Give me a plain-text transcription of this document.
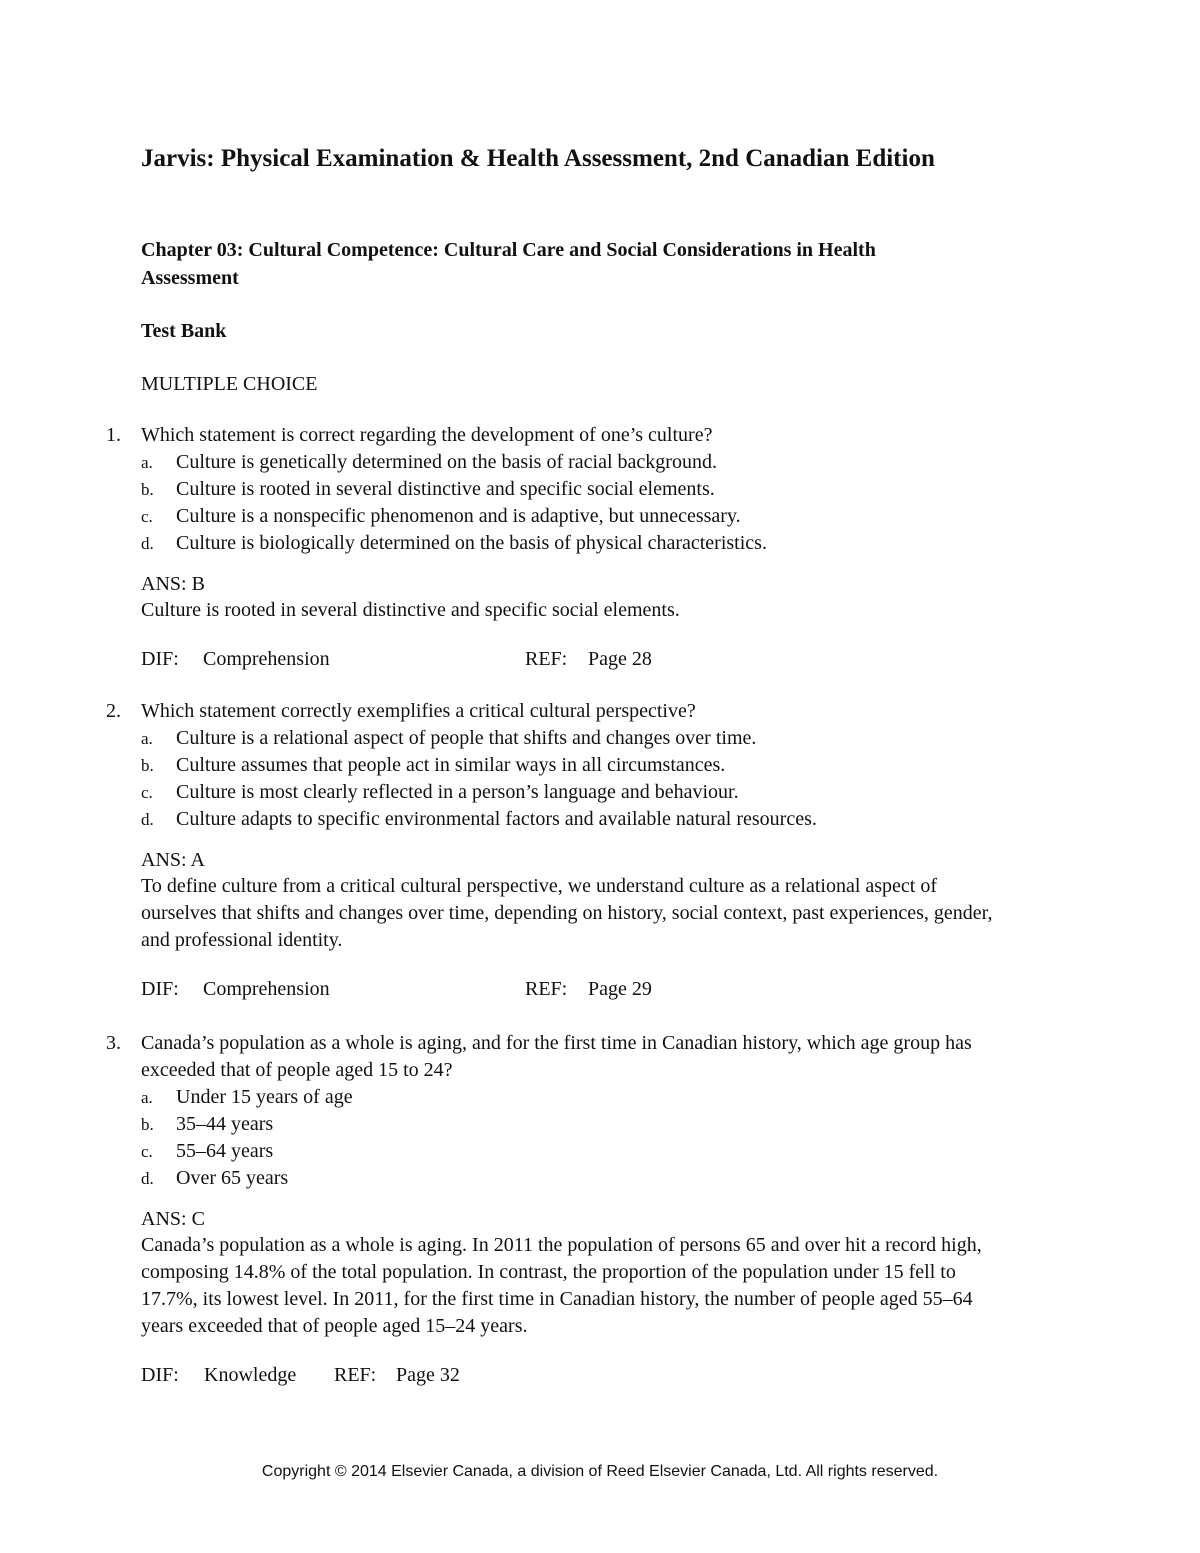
Jarvis: Physical Examination & Health Assessment, 2nd Canadian Edition
Chapter 03: Cultural Competence: Cultural Care and Social Considerations in Health Assessment
Test Bank
MULTIPLE CHOICE
1. Which statement is correct regarding the development of one’s culture?
a. Culture is genetically determined on the basis of racial background.
b. Culture is rooted in several distinctive and specific social elements.
c. Culture is a nonspecific phenomenon and is adaptive, but unnecessary.
d. Culture is biologically determined on the basis of physical characteristics.
ANS: B
Culture is rooted in several distinctive and specific social elements.
DIF: Comprehension	REF: Page 28
2. Which statement correctly exemplifies a critical cultural perspective?
a. Culture is a relational aspect of people that shifts and changes over time.
b. Culture assumes that people act in similar ways in all circumstances.
c. Culture is most clearly reflected in a person’s language and behaviour.
d. Culture adapts to specific environmental factors and available natural resources.
ANS: A
To define culture from a critical cultural perspective, we understand culture as a relational aspect of ourselves that shifts and changes over time, depending on history, social context, past experiences, gender, and professional identity.
DIF: Comprehension	REF: Page 29
3. Canada’s population as a whole is aging, and for the first time in Canadian history, which age group has exceeded that of people aged 15 to 24?
a. Under 15 years of age
b. 35–44 years
c. 55–64 years
d. Over 65 years
ANS: C
Canada’s population as a whole is aging. In 2011 the population of persons 65 and over hit a record high, composing 14.8% of the total population. In contrast, the proportion of the population under 15 fell to 17.7%, its lowest level. In 2011, for the first time in Canadian history, the number of people aged 55–64 years exceeded that of people aged 15–24 years.
DIF: Knowledge REF: Page 32
Copyright © 2014 Elsevier Canada, a division of Reed Elsevier Canada, Ltd. All rights reserved.
